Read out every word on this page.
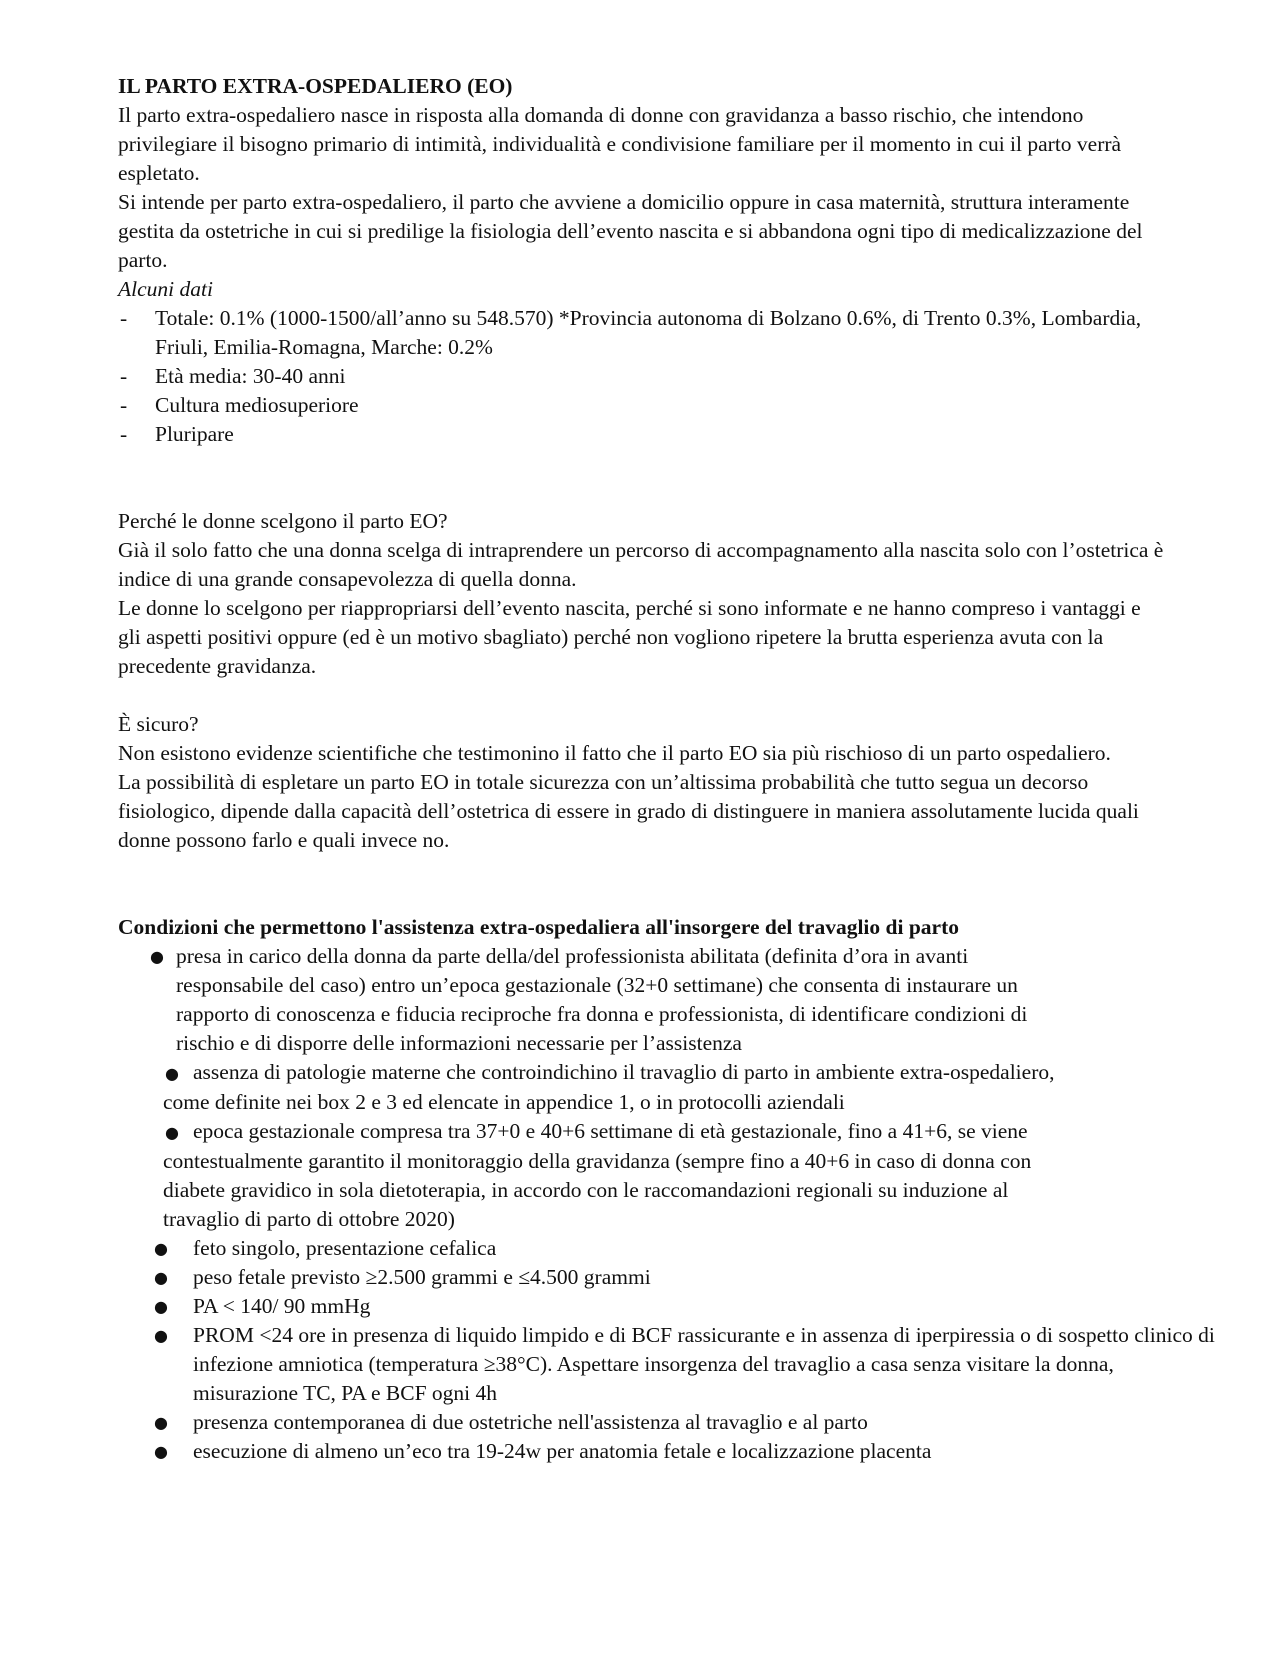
IL PARTO EXTRA-OSPEDALIERO (EO)

Il parto extra-ospedaliero nasce in risposta alla domanda di donne con gravidanza a basso rischio, che intendono privilegiare il bisogno primario di intimità, individualità e condivisione familiare per il momento in cui il parto verrà espletato.

Si intende per parto extra-ospedaliero, il parto che avviene a domicilio oppure in casa maternità, struttura interamente gestita da ostetriche in cui si predilige la fisiologia dell’evento nascita e si abbandona ogni tipo di medicalizzazione del parto.

Alcuni dati

- Totale: 0.1% (1000-1500/all’anno su 548.570) *Provincia autonoma di Bolzano 0.6%, di Trento 0.3%, Lombardia, Friuli, Emilia-Romagna, Marche: 0.2%
- Età media: 30-40 anni
- Cultura mediosuperiore
- Pluripare

Perché le donne scelgono il parto EO?

Già il solo fatto che una donna scelga di intraprendere un percorso di accompagnamento alla nascita solo con l’ostetrica è indice di una grande consapevolezza di quella donna.

Le donne lo scelgono per riappropriarsi dell’evento nascita, perché si sono informate e ne hanno compreso i vantaggi e gli aspetti positivi oppure (ed è un motivo sbagliato) perché non vogliono ripetere la brutta esperienza avuta con la precedente gravidanza.

È sicuro?

Non esistono evidenze scientifiche che testimonino il fatto che il parto EO sia più rischioso di un parto ospedaliero.

La possibilità di espletare un parto EO in totale sicurezza con un’altissima probabilità che tutto segua un decorso fisiologico, dipende dalla capacità dell’ostetrica di essere in grado di distinguere in maniera assolutamente lucida quali donne possono farlo e quali invece no.

Condizioni che permettono l'assistenza extra-ospedaliera all'insorgere del travaglio di parto

● presa in carico della donna da parte della/del professionista abilitata (definita d’ora in avanti responsabile del caso) entro un’epoca gestazionale (32+0 settimane) che consenta di instaurare un rapporto di conoscenza e fiducia reciproche fra donna e professionista, di identificare condizioni di rischio e di disporre delle informazioni necessarie per l’assistenza
● assenza di patologie materne che controindichino il travaglio di parto in ambiente extra-ospedaliero, come definite nei box 2 e 3 ed elencate in appendice 1, o in protocolli aziendali
● epoca gestazionale compresa tra 37+0 e 40+6 settimane di età gestazionale, fino a 41+6, se viene contestualmente garantito il monitoraggio della gravidanza (sempre fino a 40+6 in caso di donna con diabete gravidico in sola dietoterapia, in accordo con le raccomandazioni regionali su induzione al travaglio di parto di ottobre 2020)
● feto singolo, presentazione cefalica
● peso fetale previsto ≥2.500 grammi e ≤4.500 grammi
● PA < 140/ 90 mmHg
● PROM <24 ore in presenza di liquido limpido e di BCF rassicurante e in assenza di iperpiressia o di sospetto clinico di infezione amniotica (temperatura ≥38°C). Aspettare insorgenza del travaglio a casa senza visitare la donna, misurazione TC, PA e BCF ogni 4h
● presenza contemporanea di due ostetriche nell'assistenza al travaglio e al parto
● esecuzione di almeno un’eco tra 19-24w per anatomia fetale e localizzazione placenta
